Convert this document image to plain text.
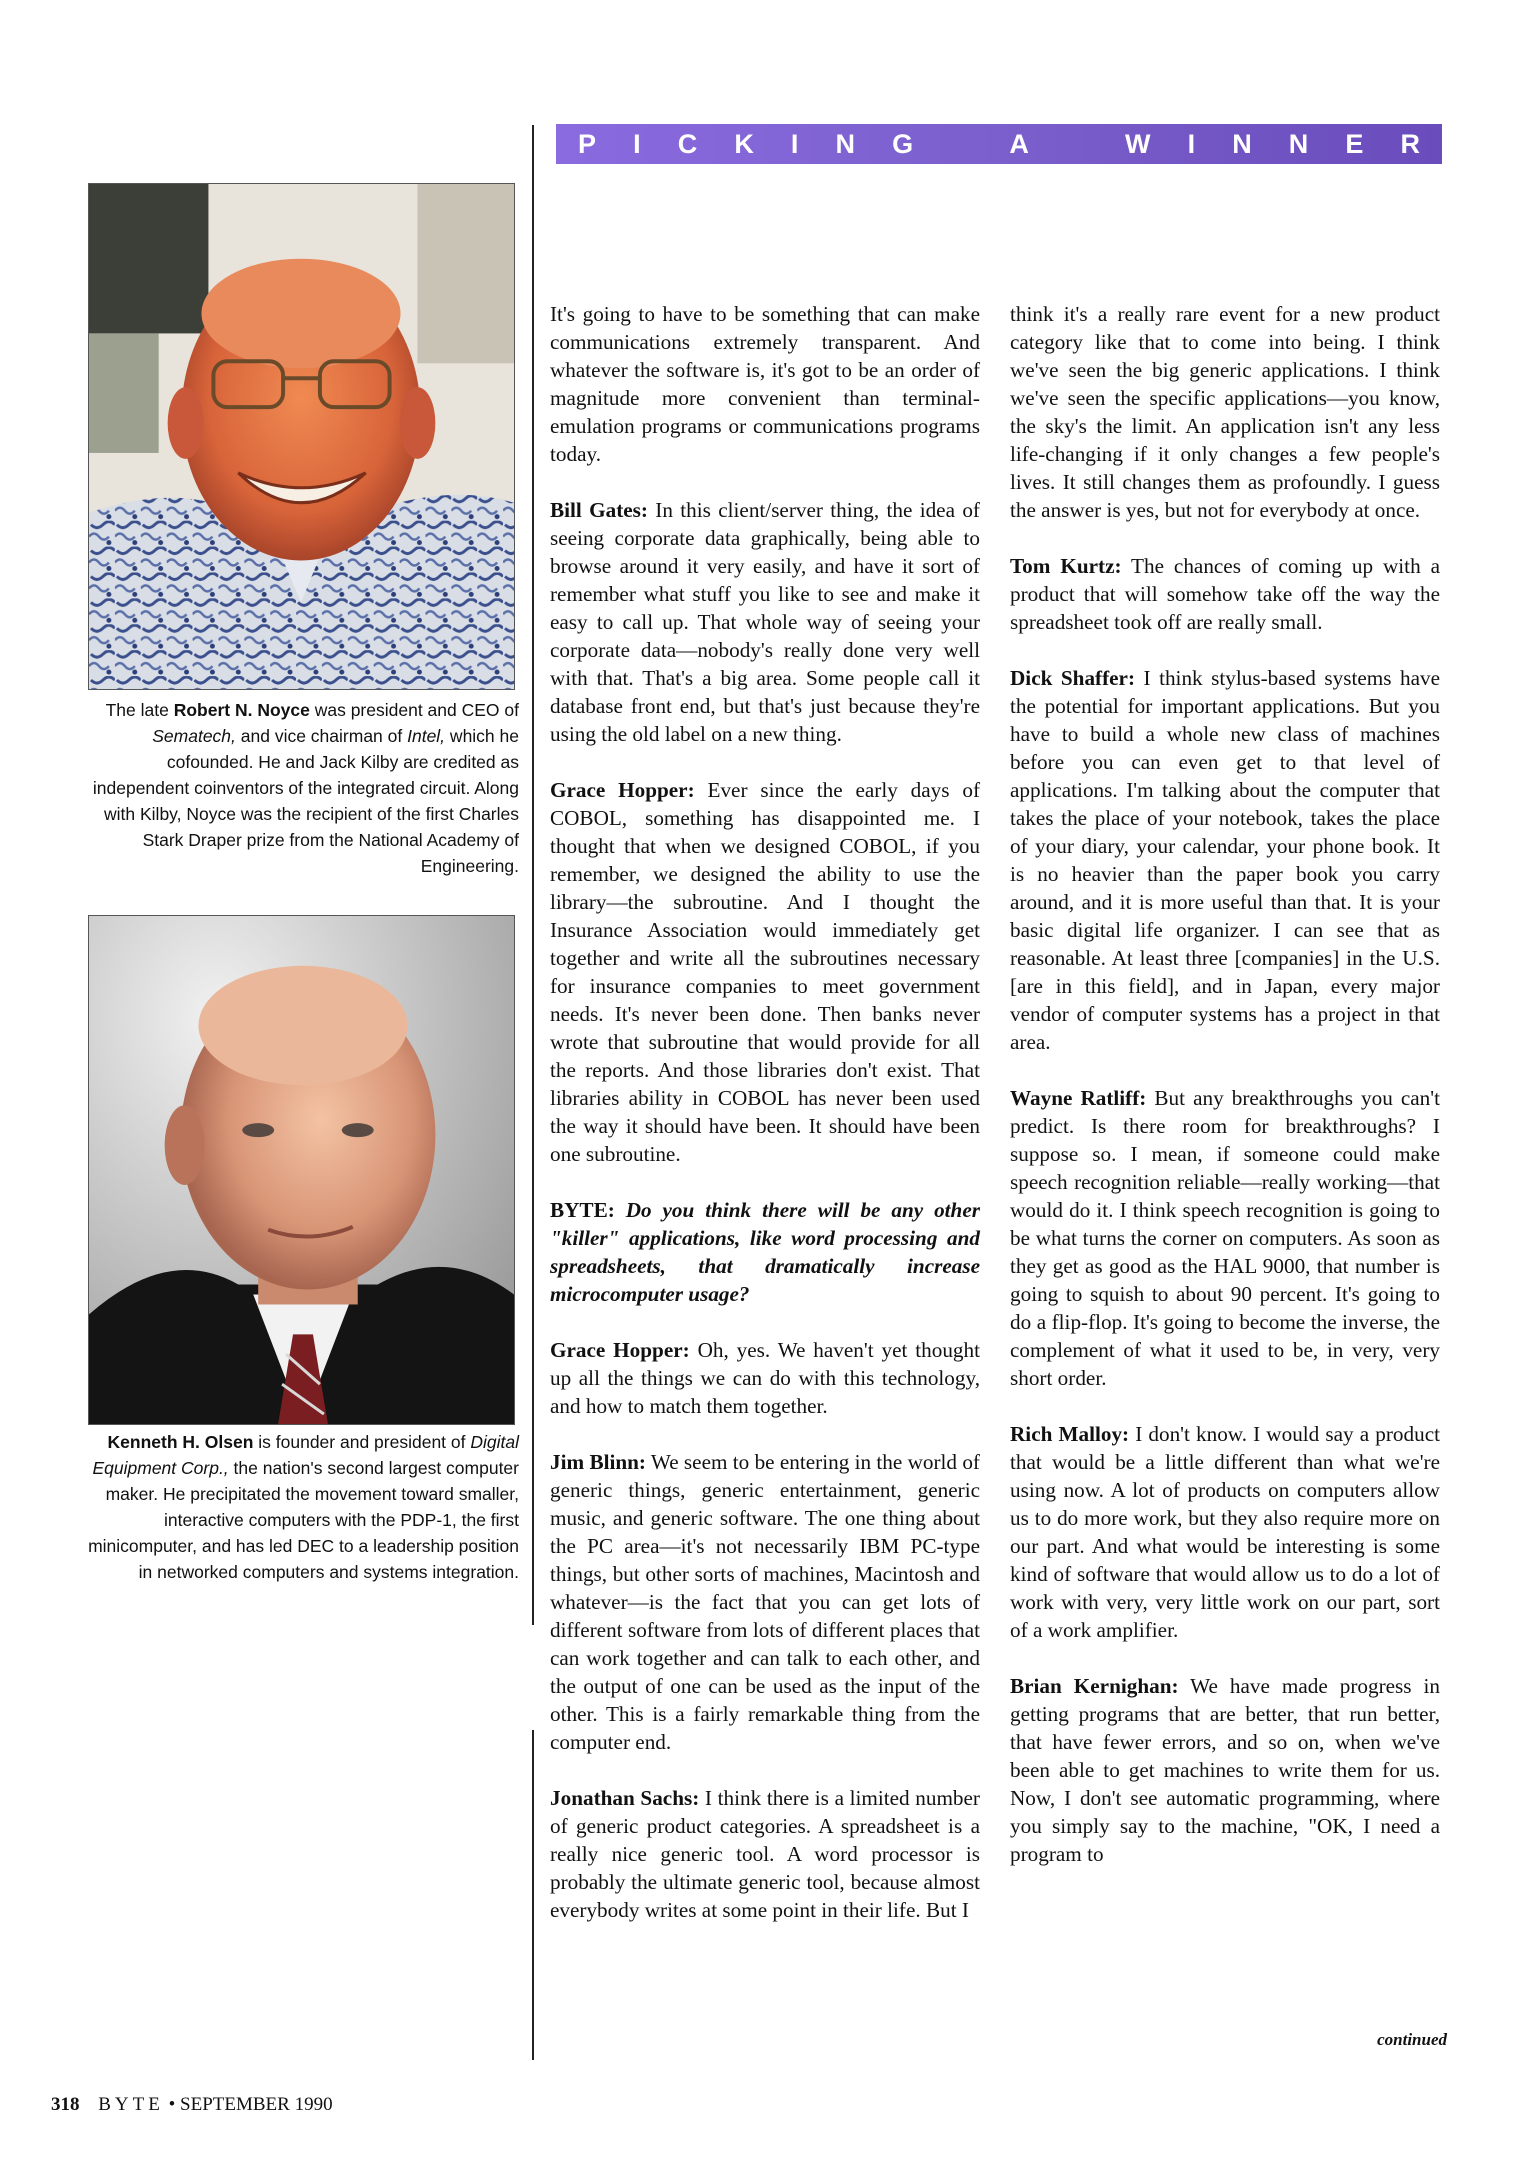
P I C K I N G	A	W I N N E R
The late Robert N. Noyce was president and CEO of Sematech, and vice chairman of Intel, which he cofounded. He and Jack Kilby are credited as independent coinventors of the integrated circuit. Along with Kilby, Noyce was the recipient of the first Charles Stark Draper prize from the National Academy of Engineering.
Kenneth H. Olsen is founder and president of Digital Equipment Corp., the nation's second largest computer maker. He precipitated the movement toward smaller, interactive computers with the PDP-1, the first minicomputer, and has led DEC to a leadership position in networked computers and systems integration.

It's going to have to be something that can make communications extremely transparent. And whatever the software is, it's got to be an order of magnitude more convenient than terminal-emulation programs or communications programs today.

Bill Gates: In this client/server thing, the idea of seeing corporate data graphically, being able to browse around it very easily, and have it sort of remember what stuff you like to see and make it easy to call up. That whole way of seeing your corporate data—nobody's really done very well with that. That's a big area. Some people call it database front end, but that's just because they're using the old label on a new thing.

Grace Hopper: Ever since the early days of COBOL, something has disappointed me. I thought that when we designed COBOL, if you remember, we designed the ability to use the library—the subroutine. And I thought the Insurance Association would immediately get together and write all the subroutines necessary for insurance companies to meet government needs. It's never been done. Then banks never wrote that subroutine that would provide for all the reports. And those libraries don't exist. That libraries ability in COBOL has never been used the way it should have been. It should have been one subroutine.

BYTE: Do you think there will be any other "killer" applications, like word processing and spreadsheets, that dramatically increase microcomputer usage?

Grace Hopper: Oh, yes. We haven't yet thought up all the things we can do with this technology, and how to match them together.

Jim Blinn: We seem to be entering in the world of generic things, generic entertainment, generic music, and generic software. The one thing about the PC area—it's not necessarily IBM PC-type things, but other sorts of machines, Macintosh and whatever—is the fact that you can get lots of different software from lots of different places that can work together and can talk to each other, and the output of one can be used as the input of the other. This is a fairly remarkable thing from the computer end.

Jonathan Sachs: I think there is a limited number of generic product categories. A spreadsheet is a really nice generic tool. A word processor is probably the ultimate generic tool, because almost everybody writes at some point in their life. But I

think it's a really rare event for a new product category like that to come into being. I think we've seen the big generic applications. I think we've seen the specific applications—you know, the sky's the limit. An application isn't any less life-changing if it only changes a few people's lives. It still changes them as profoundly. I guess the answer is yes, but not for everybody at once.

Tom Kurtz: The chances of coming up with a product that will somehow take off the way the spreadsheet took off are really small.

Dick Shaffer: I think stylus-based systems have the potential for important applications. But you have to build a whole new class of machines before you can even get to that level of applications. I'm talking about the computer that takes the place of your notebook, takes the place of your diary, your calendar, your phone book. It is no heavier than the paper book you carry around, and it is more useful than that. It is your basic digital life organizer. I can see that as reasonable. At least three [companies] in the U.S. [are in this field], and in Japan, every major vendor of computer systems has a project in that area.

Wayne Ratliff: But any breakthroughs you can't predict. Is there room for breakthroughs? I suppose so. I mean, if someone could make speech recognition reliable—really working—that would do it. I think speech recognition is going to be what turns the corner on computers. As soon as they get as good as the HAL 9000, that number is going to squish to about 90 percent. It's going to do a flip-flop. It's going to become the inverse, the complement of what it used to be, in very, very short order.

Rich Malloy: I don't know. I would say a product that would be a little different than what we're using now. A lot of products on computers allow us to do more work, but they also require more on our part. And what would be interesting is some kind of software that would allow us to do a lot of work with very, very little work on our part, sort of a work amplifier.

Brian Kernighan: We have made progress in getting programs that are better, that run better, that have fewer errors, and so on, when we've been able to get machines to write them for us. Now, I don't see automatic programming, where you simply say to the machine, "OK, I need a program to

continued
318 BYTE • SEPTEMBER 1990
